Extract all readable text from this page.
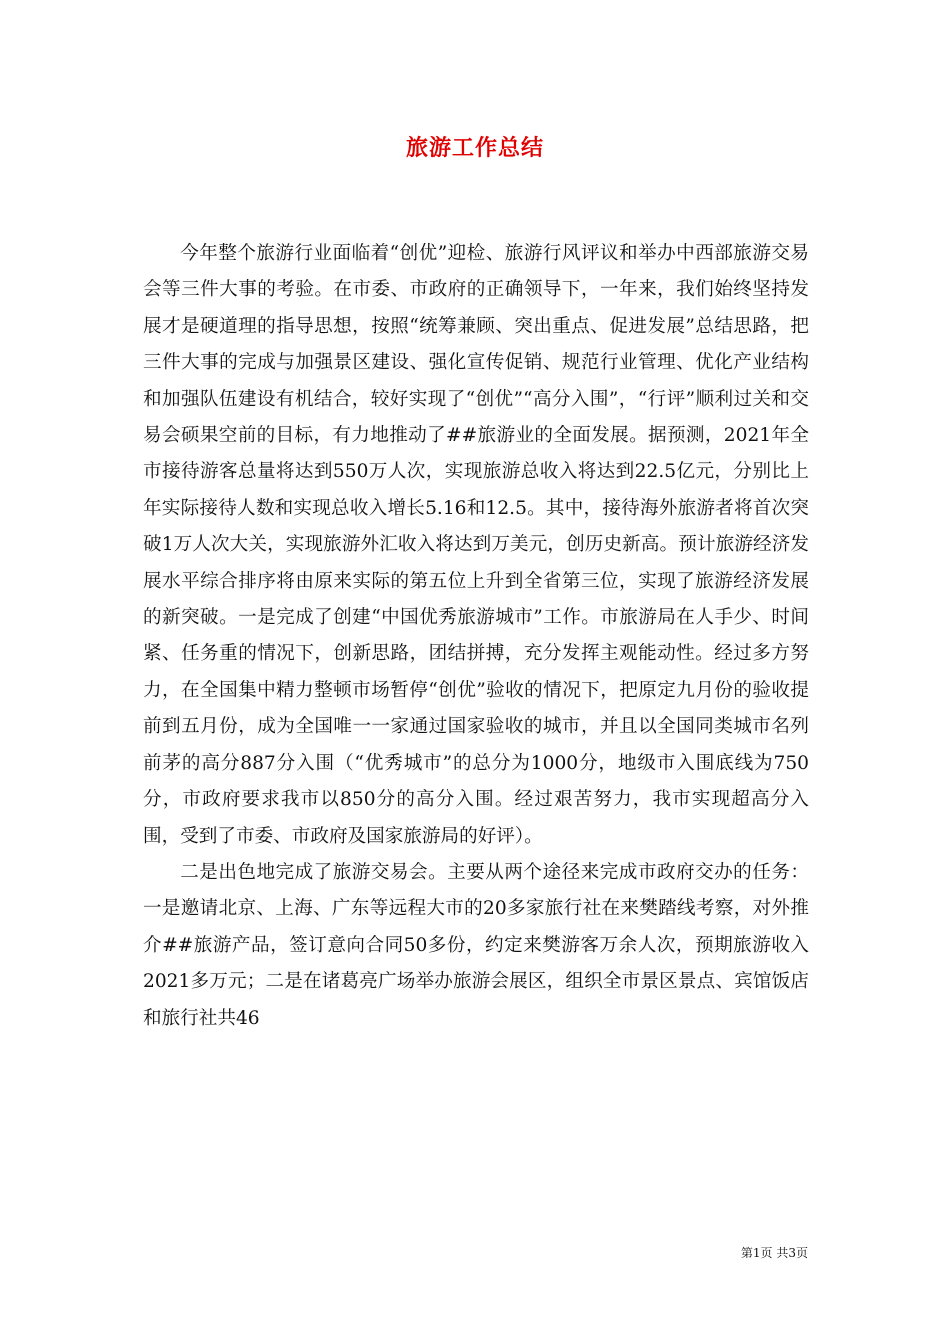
旅游工作总结

今年整个旅游行业面临着“创优”迎检、旅游行风评议和举办中西部旅游交易会等三件大事的考验。在市委、市政府的正确领导下，一年来，我们始终坚持发展才是硬道理的指导思想，按照“统筹兼顾、突出重点、促进发展”总结思路，把三件大事的完成与加强景区建设、强化宣传促销、规范行业管理、优化产业结构和加强队伍建设有机结合，较好实现了“创优”“高分入围”，“行评”顺利过关和交易会硕果空前的目标，有力地推动了##旅游业的全面发展。据预测，2021年全市接待游客总量将达到550万人次，实现旅游总收入将达到22.5亿元，分别比上年实际接待人数和实现总收入增长5.16和12.5。其中，接待海外旅游者将首次突破1万人次大关，实现旅游外汇收入将达到万美元，创历史新高。预计旅游经济发展水平综合排序将由原来实际的第五位上升到全省第三位，实现了旅游经济发展的新突破。一是完成了创建“中国优秀旅游城市”工作。市旅游局在人手少、时间紧、任务重的情况下，创新思路，团结拼搏，充分发挥主观能动性。经过多方努力，在全国集中精力整顿市场暂停“创优”验收的情况下，把原定九月份的验收提前到五月份，成为全国唯一一家通过国家验收的城市，并且以全国同类城市名列前茅的高分887分入围（“优秀城市”的总分为1000分，地级市入围底线为750分，市政府要求我市以850分的高分入围。经过艰苦努力，我市实现超高分入围，受到了市委、市政府及国家旅游局的好评）。

二是出色地完成了旅游交易会。主要从两个途径来完成市政府交办的任务：一是邀请北京、上海、广东等远程大市的20多家旅行社在来樊踏线考察，对外推介##旅游产品，签订意向合同50多份，约定来樊游客万余人次，预期旅游收入2021多万元；二是在诸葛亮广场举办旅游会展区，组织全市景区景点、宾馆饭店和旅行社共46

第1页 共3页
